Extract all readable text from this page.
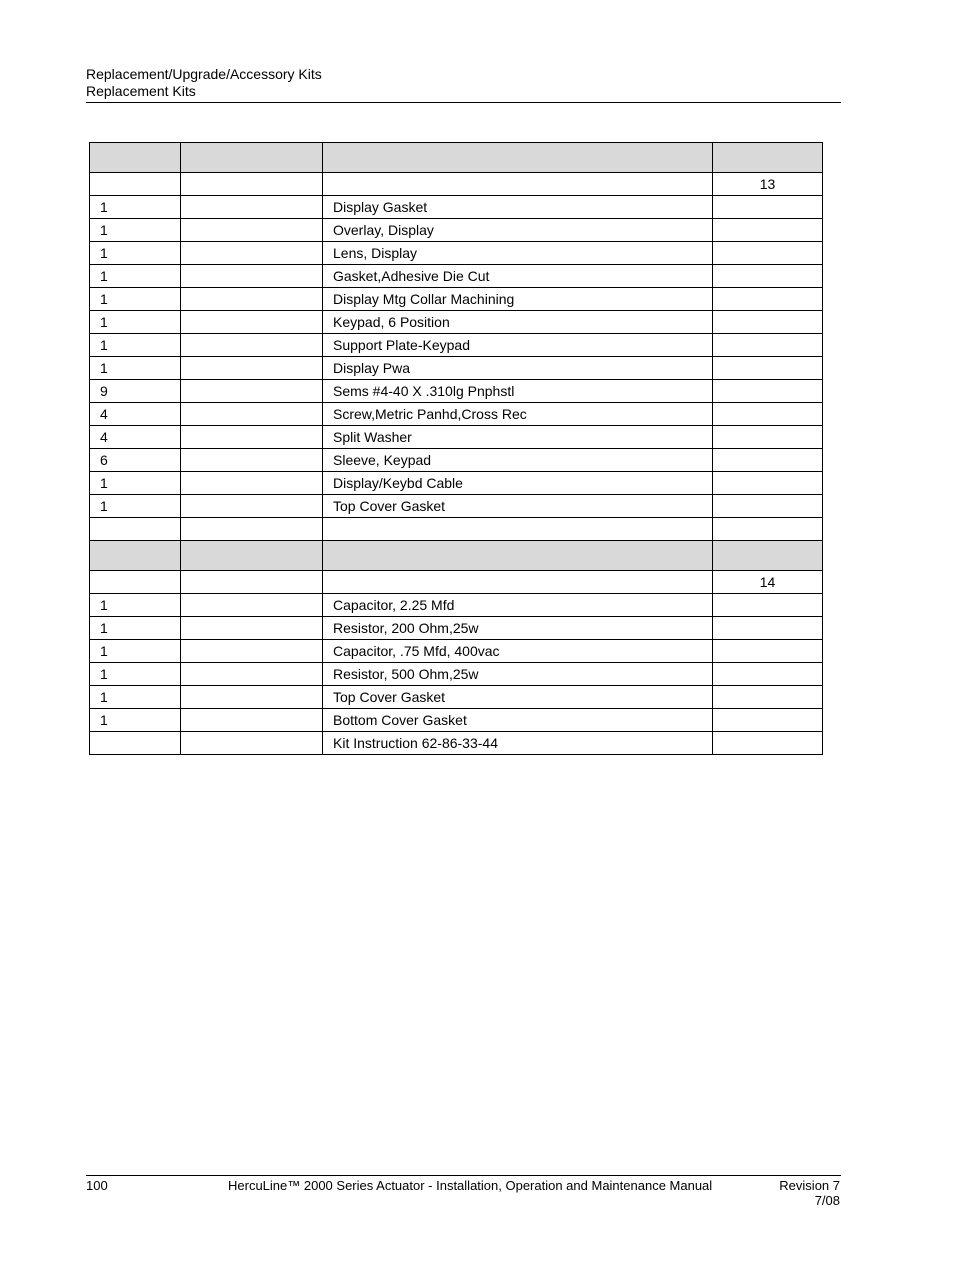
Replacement/Upgrade/Accessory Kits
Replacement Kits

			13
1		Display Gasket	
1		Overlay, Display	
1		Lens, Display	
1		Gasket,Adhesive Die Cut	
1		Display Mtg Collar Machining	
1		Keypad, 6 Position	
1		Support Plate-Keypad	
1		Display Pwa	
9		Sems #4-40 X .310lg Pnphstl	
4		Screw,Metric Panhd,Cross Rec	
4		Split Washer	
6		Sleeve, Keypad	
1		Display/Keybd Cable	
1		Top Cover Gasket	

			14
1		Capacitor, 2.25 Mfd	
1		Resistor, 200 Ohm,25w	
1		Capacitor, .75 Mfd, 400vac	
1		Resistor, 500 Ohm,25w	
1		Top Cover Gasket	
1		Bottom Cover Gasket	
		Kit Instruction 62-86-33-44	
100	HercuLine™ 2000 Series Actuator - Installation, Operation and Maintenance Manual	Revision 7
7/08
